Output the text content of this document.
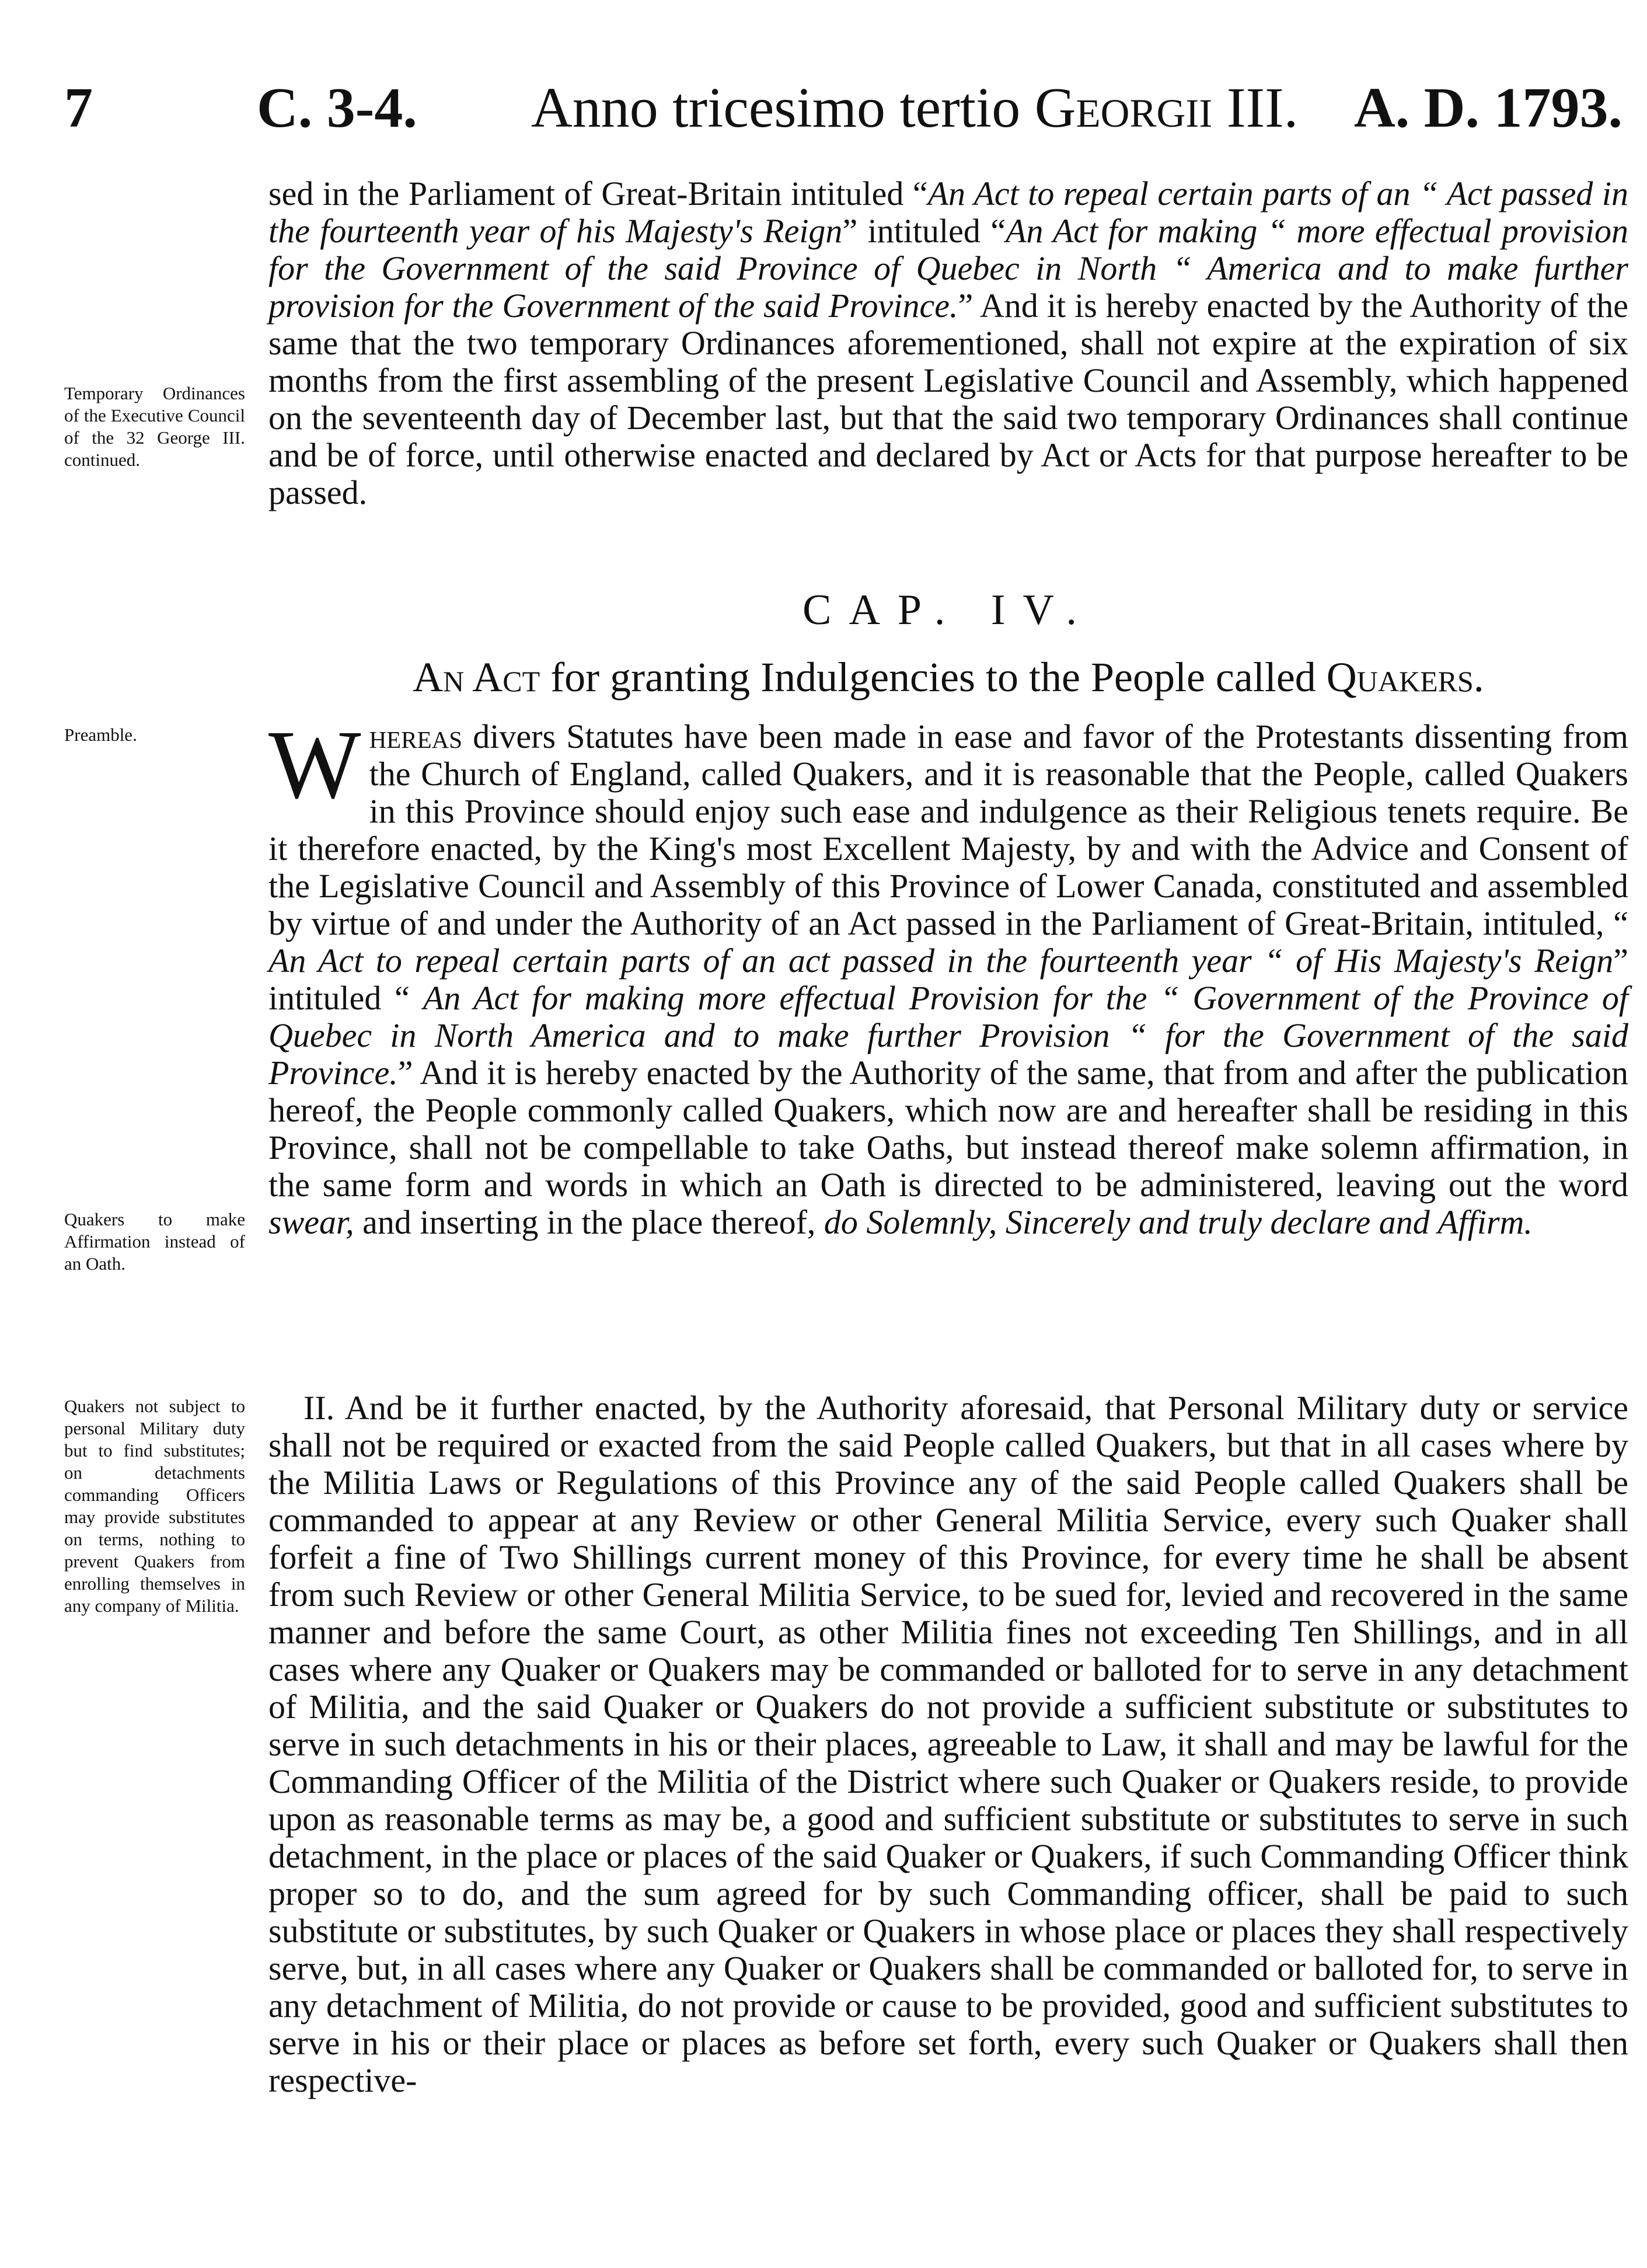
7	C. 3-4. Anno tricesimo tertio Georgii III. A. D. 1793.
sed in the Parliament of Great-Britain intituled “An Act to repeal certain parts of an “ Act passed in the fourteenth year of his Majesty's Reign” intituled “An Act for making “ more effectual provision for the Government of the said Province of Quebec in North “ America and to make further provision for the Government of the said Province.” And it is hereby enacted by the Authority of the same that the two temporary Ordinances aforementioned, shall not expire at the expiration of six months from the first assembling of the present Legislative Council and Assembly, which happened on the seventeenth day of December last, but that the said two temporary Ordinances shall continue and be of force, until otherwise enacted and declared by Act or Acts for that purpose hereafter to be passed.
Temporary Ordinances of the Executive Council of the 32 George III. continued.
CAP. IV.
An Act for granting Indulgencies to the People called Quakers.
Preamble.	Whereas divers Statutes have been made in ease and favor of the Protestants dissenting from the Church of England, called Quakers, and it is reasonable that the People, called Quakers in this Province should enjoy such ease and indulgence as their Religious tenets require. Be it therefore enacted, by the King's most Excellent Majesty, by and with the Advice and Consent of the Legislative Council and Assembly of this Province of Lower Canada, constituted and assembled by virtue of and under the Authority of an Act passed in the Parliament of Great-Britain, intituled, “ An Act to repeal certain parts of an act passed in the fourteenth year “ of His Majesty's Reign” intituled “ An Act for making more effectual Provision for the “ Government of the Province of Quebec in North America and to make further Provision “ for the Government of the said Province.” And it is hereby enacted by the Authority of the same, that from and after the publication hereof, the People commonly called Quakers, which now are and hereafter shall be residing in this Province, shall not be compellable to take Oaths, but instead thereof make solemn affirmation, in the same form and words in which an Oath is directed to be administered, leaving out the word swear, and inserting in the place thereof, do Solemnly, Sincerely and truly declare and Affirm.
Quakers to make Affirmation instead of an Oath.
II. And be it further enacted, by the Authority aforesaid, that Personal Military duty or service shall not be required or exacted from the said People called Quakers, but that in all cases where by the Militia Laws or Regulations of this Province any of the said People called Quakers shall be commanded to appear at any Review or other General Militia Service, every such Quaker shall forfeit a fine of Two Shillings current money of this Province, for every time he shall be absent from such Review or other General Militia Service, to be sued for, levied and recovered in the same manner and before the same Court, as other Militia fines not exceeding Ten Shillings, and in all cases where any Quaker or Quakers may be commanded or balloted for to serve in any detachment of Militia, and the said Quaker or Quakers do not provide a sufficient substitute or substitutes to serve in such detachments in his or their places, agreeable to Law, it shall and may be lawful for the Commanding Officer of the Militia of the District where such Quaker or Quakers reside, to provide upon as reasonable terms as may be, a good and sufficient substitute or substitutes to serve in such detachment, in the place or places of the said Quaker or Quakers, if such Commanding Officer think proper so to do, and the sum agreed for by such Commanding officer, shall be paid to such substitute or substitutes, by such Quaker or Quakers in whose place or places they shall respectively serve, but, in all cases where any Quaker or Quakers shall be commanded or balloted for, to serve in any detachment of Militia, do not provide or cause to be provided, good and sufficient substitutes to serve in his or their place or places as before set forth, every such Quaker or Quakers shall then respective-
Quakers not subject to personal Military duty but to find substitutes; on detachments commanding Officers may provide substitutes on terms, nothing to prevent Quakers from enrolling themselves in any company of Militia.
